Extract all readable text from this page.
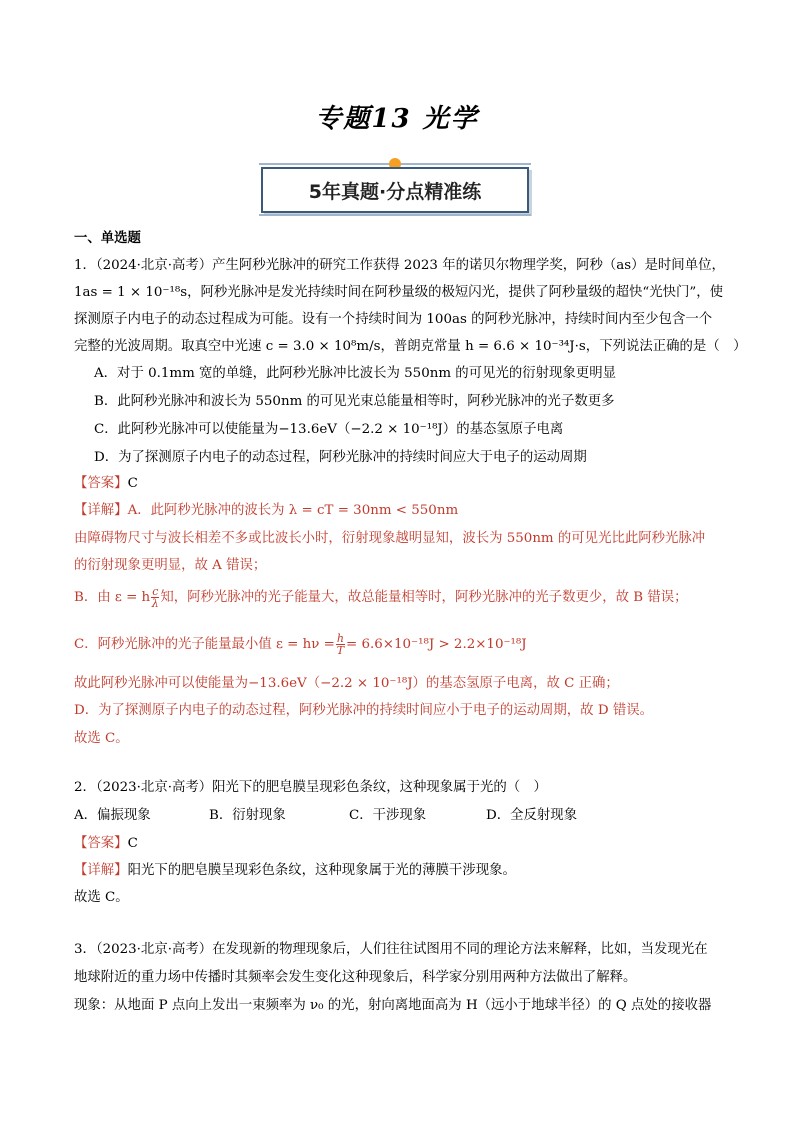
专题13 光学
5年真题·分点精准练
一、单选题
1．（2024·北京·高考）产生阿秒光脉冲的研究工作获得 2023 年的诺贝尔物理学奖，阿秒（as）是时间单位，
1as = 1 × 10⁻¹⁸s，阿秒光脉冲是发光持续时间在阿秒量级的极短闪光，提供了阿秒量级的超快“光快门”，使
探测原子内电子的动态过程成为可能。设有一个持续时间为 100as 的阿秒光脉冲，持续时间内至少包含一个
完整的光波周期。取真空中光速 c = 3.0 × 10⁸m/s，普朗克常量 h = 6.6 × 10⁻³⁴J·s，下列说法正确的是（　）
A．对于 0.1mm 宽的单缝，此阿秒光脉冲比波长为 550nm 的可见光的衍射现象更明显
B．此阿秒光脉冲和波长为 550nm 的可见光束总能量相等时，阿秒光脉冲的光子数更多
C．此阿秒光脉冲可以使能量为−13.6eV（−2.2 × 10⁻¹⁸J）的基态氢原子电离
D．为了探测原子内电子的动态过程，阿秒光脉冲的持续时间应大于电子的运动周期
【答案】C
【详解】A．此阿秒光脉冲的波长为 λ = cT = 30nm < 550nm
由障碍物尺寸与波长相差不多或比波长小时，衍射现象越明显知，波长为 550nm 的可见光比此阿秒光脉冲
的衍射现象更明显，故 A 错误；
B．由 ε = h $\frac{c}{\lambda}$ 知，阿秒光脉冲的光子能量大，故总能量相等时，阿秒光脉冲的光子数更少，故 B 错误；
C．阿秒光脉冲的光子能量最小值 $\varepsilon = h\nu = \frac{h}{T} = 6.6\times 10^{-18}J > 2.2\times 10^{-18}J$
故此阿秒光脉冲可以使能量为−13.6eV（−2.2 × 10⁻¹⁸J）的基态氢原子电离，故 C 正确；
D．为了探测原子内电子的动态过程，阿秒光脉冲的持续时间应小于电子的运动周期，故 D 错误。
故选 C。
2．（2023·北京·高考）阳光下的肥皂膜呈现彩色条纹，这种现象属于光的（　）
A．偏振现象	B．衍射现象	C．干涉现象	D．全反射现象
【答案】C
【详解】阳光下的肥皂膜呈现彩色条纹，这种现象属于光的薄膜干涉现象。
故选 C。
3．（2023·北京·高考）在发现新的物理现象后，人们往往试图用不同的理论方法来解释，比如，当发现光在
地球附近的重力场中传播时其频率会发生变化这种现象后，科学家分别用两种方法做出了解释。
现象：从地面 P 点向上发出一束频率为 ν₀ 的光，射向离地面高为 H（远小于地球半径）的 Q 点处的接收器
